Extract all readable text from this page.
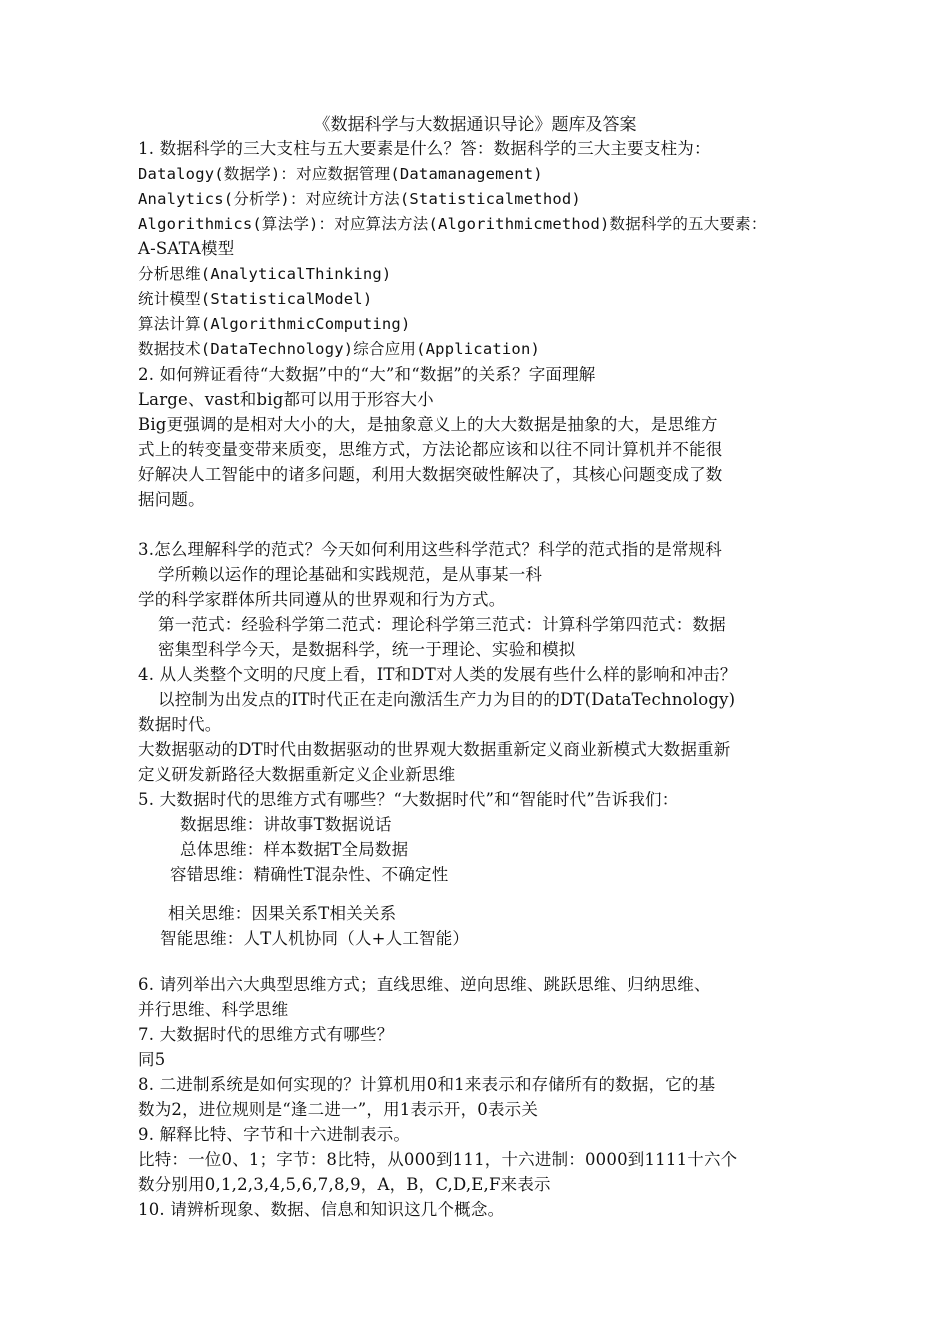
《数据科学与大数据通识导论》题库及答案
1. 数据科学的三大支柱与五大要素是什么？答：数据科学的三大主要支柱为：
Datalogy(数据学)：对应数据管理(Datamanagement)
Analytics(分析学)：对应统计方法(Statisticalmethod)
Algorithmics(算法学)：对应算法方法(Algorithmicmethod)数据科学的五大要素：
A-SATA模型
分析思维(AnalyticalThinking)
统计模型(StatisticalModel)
算法计算(AlgorithmicComputing)
数据技术(DataTechnology)综合应用(Application)
2. 如何辨证看待“大数据”中的“大”和“数据”的关系？字面理解
Large、vast和big都可以用于形容大小
Big更强调的是相对大小的大，是抽象意义上的大大数据是抽象的大，是思维方
式上的转变量变带来质变，思维方式，方法论都应该和以往不同计算机并不能很
好解决人工智能中的诸多问题，利用大数据突破性解决了，其核心问题变成了数
据问题。
3.怎么理解科学的范式？今天如何利用这些科学范式？科学的范式指的是常规科
学所赖以运作的理论基础和实践规范，是从事某一科
学的科学家群体所共同遵从的世界观和行为方式。
第一范式：经验科学第二范式：理论科学第三范式：计算科学第四范式：数据
密集型科学今天，是数据科学，统一于理论、实验和模拟
4. 从人类整个文明的尺度上看，IT和DT对人类的发展有些什么样的影响和冲击？
以控制为出发点的IT时代正在走向激活生产力为目的的DT(DataTechnology)
数据时代。
大数据驱动的DT时代由数据驱动的世界观大数据重新定义商业新模式大数据重新
定义研发新路径大数据重新定义企业新思维
5. 大数据时代的思维方式有哪些？“大数据时代”和“智能时代”告诉我们：
数据思维：讲故事T数据说话
总体思维：样本数据T全局数据
容错思维：精确性T混杂性、不确定性
相关思维：因果关系T相关关系
智能思维：人T人机协同（人+人工智能）
6. 请列举出六大典型思维方式；直线思维、逆向思维、跳跃思维、归纳思维、
并行思维、科学思维
7. 大数据时代的思维方式有哪些？
同5
8. 二进制系统是如何实现的？计算机用0和1来表示和存储所有的数据，它的基
数为2，进位规则是“逢二进一”，用1表示开，0表示关
9. 解释比特、字节和十六进制表示。
比特：一位0、1；字节：8比特，从000到111，十六进制：0000到1111十六个
数分别用0,1,2,3,4,5,6,7,8,9，A，B，C,D,E,F来表示
10. 请辨析现象、数据、信息和知识这几个概念。
